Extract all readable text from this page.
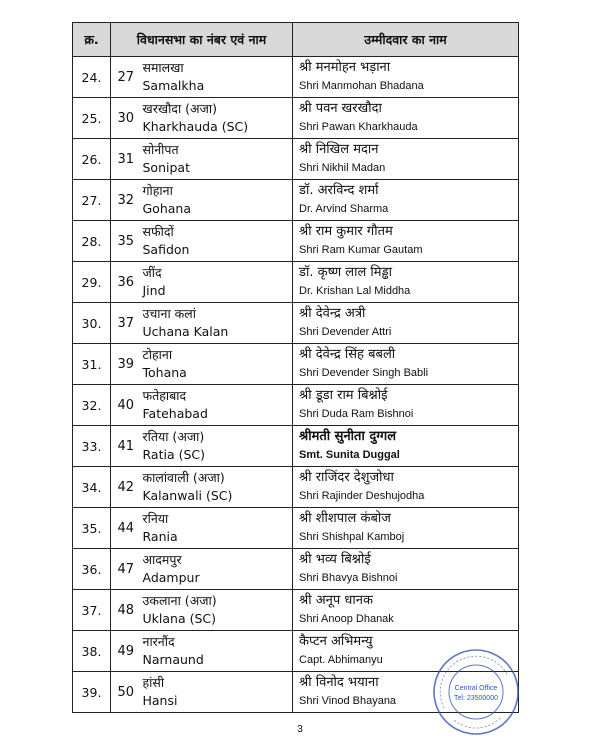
क्र.	विधानसभा का नंबर एवं नाम		उम्मीदवार का नाम
24.	27	समालखा
Samalkha	श्री मनमोहन भड़ाना
Shri Manmohan Bhadana

25.	30	खरखौदा (अजा)
Kharkhauda (SC)	श्री पवन खरखौदा
Shri Pawan Kharkhauda

26.	31	सोनीपत
Sonipat	श्री निखिल मदान
Shri Nikhil Madan

27.	32	गोहाना
Gohana	डॉ. अरविन्द शर्मा
Dr. Arvind Sharma

28.	35	सफीदों
Safidon	श्री राम कुमार गौतम
Shri Ram Kumar Gautam

29.	36	जींद
Jind	डॉ. कृष्ण लाल मिड्ढा
Dr. Krishan Lal Middha

30.	37	उचाना कलां
Uchana Kalan	श्री देवेन्द्र अत्री
Shri Devender Attri

31.	39	टोहाना
Tohana	श्री देवेन्द्र सिंह बबली
Shri Devender Singh Babli

32.	40	फतेहाबाद
Fatehabad	श्री डूडा राम बिश्नोई
Shri Duda Ram Bishnoi

33.	41	रतिया (अजा)
Ratia (SC)	श्रीमती सुनीता दुग्गल
Smt. Sunita Duggal

34.	42	कालांवाली (अजा)
Kalanwali (SC)	श्री राजिंदर देशुजोधा
Shri Rajinder Deshujodha

35.	44	रनिया
Rania	श्री शीशपाल कंबोज
Shri Shishpal Kamboj

36.	47	आदमपुर
Adampur	श्री भव्य बिश्नोई
Shri Bhavya Bishnoi

37.	48	उकलाना (अजा)
Uklana (SC)	श्री अनूप धानक
Shri Anoop Dhanak

38.	49	नारनौंद
Narnaund	कैप्टन अभिमन्यु
Capt. Abhimanyu

39.	50	हांसी
Hansi	श्री विनोद भयाना
Shri Vinod Bhayana
Central Office
Tel: 23500000
3
